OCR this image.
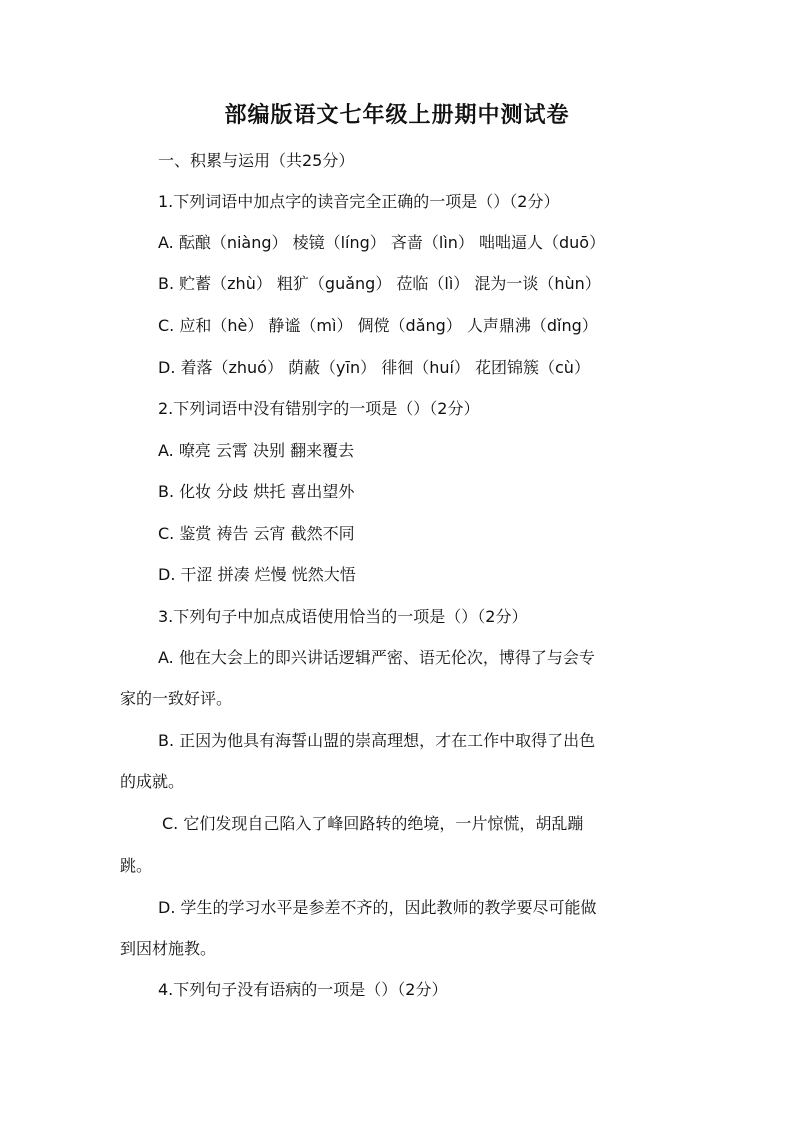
部编版语文七年级上册期中测试卷
一、积累与运用（共25分）
1.下列词语中加点字的读音完全正确的一项是（）（2分）
A. 酝酿（niàng） 棱镜（líng） 吝啬（lìn） 咄咄逼人（duō）
B. 贮蓄（zhù） 粗犷（guǎng） 莅临（lì） 混为一谈（hùn）
C. 应和（hè） 静谧（mì） 倜傥（dǎng） 人声鼎沸（dǐng）
D. 着落（zhuó） 荫蔽（yīn） 徘徊（huí） 花团锦簇（cù）
2.下列词语中没有错别字的一项是（）（2分）
A. 嘹亮 云霄 决别 翻来覆去
B. 化妆 分歧 烘托 喜出望外
C. 鉴赏 祷告 云宵 截然不同
D. 干涩 拼凑 烂慢 恍然大悟
3.下列句子中加点成语使用恰当的一项是（）（2分）
A. 他在大会上的即兴讲话逻辑严密、语无伦次，博得了与会专
家的一致好评。
B. 正因为他具有海誓山盟的崇高理想，才在工作中取得了出色
的成就。
C. 它们发现自己陷入了峰回路转的绝境，一片惊慌，胡乱蹦
跳。
D. 学生的学习水平是参差不齐的，因此教师的教学要尽可能做
到因材施教。
4.下列句子没有语病的一项是（）（2分）
